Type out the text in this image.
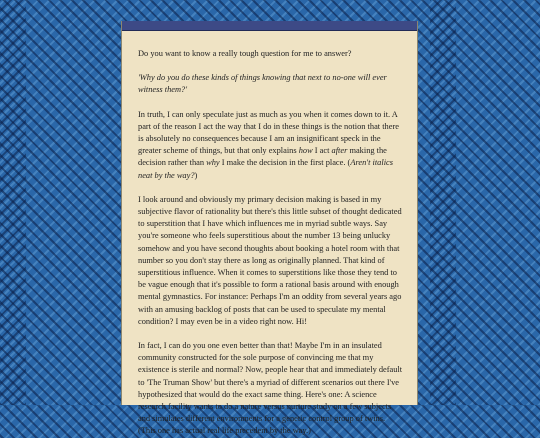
Do you want to know a really tough question for me to answer?

'Why do you do these kinds of things knowing that next to no-one will ever witness them?'

In truth, I can only speculate just as much as you when it comes down to it. A part of the reason I act the way that I do in these things is the notion that there is absolutely no consequences because I am an insignificant speck in the greater scheme of things, but that only explains how I act after making the decision rather than why I make the decision in the first place. (Aren't italics neat by the way?)

I look around and obviously my primary decision making is based in my subjective flavor of rationality but there's this little subset of thought dedicated to superstition that I have which influences me in myriad subtle ways. Say you're someone who feels superstitious about the number 13 being unlucky somehow and you have second thoughts about booking a hotel room with that number so you don't stay there as long as originally planned. That kind of superstitious influence. When it comes to superstitions like those they tend to be vague enough that it's possible to form a rational basis around with enough mental gymnastics. For instance: Perhaps I'm an oddity from several years ago with an amusing backlog of posts that can be used to speculate my mental condition? I may even be in a video right now. Hi!

In fact, I can do you one even better than that! Maybe I'm in an insulated community constructed for the sole purpose of convincing me that my existence is sterile and normal? Now, people hear that and immediately default to 'The Truman Show' but there's a myriad of different scenarios out there I've hypothesized that would do the exact same thing. Here's one: A science research facility wants to do a nature versus nurture study on a few subjects and simulates different environments for a genetic control group of twins. (This one has actual real life precedent by the way.)
